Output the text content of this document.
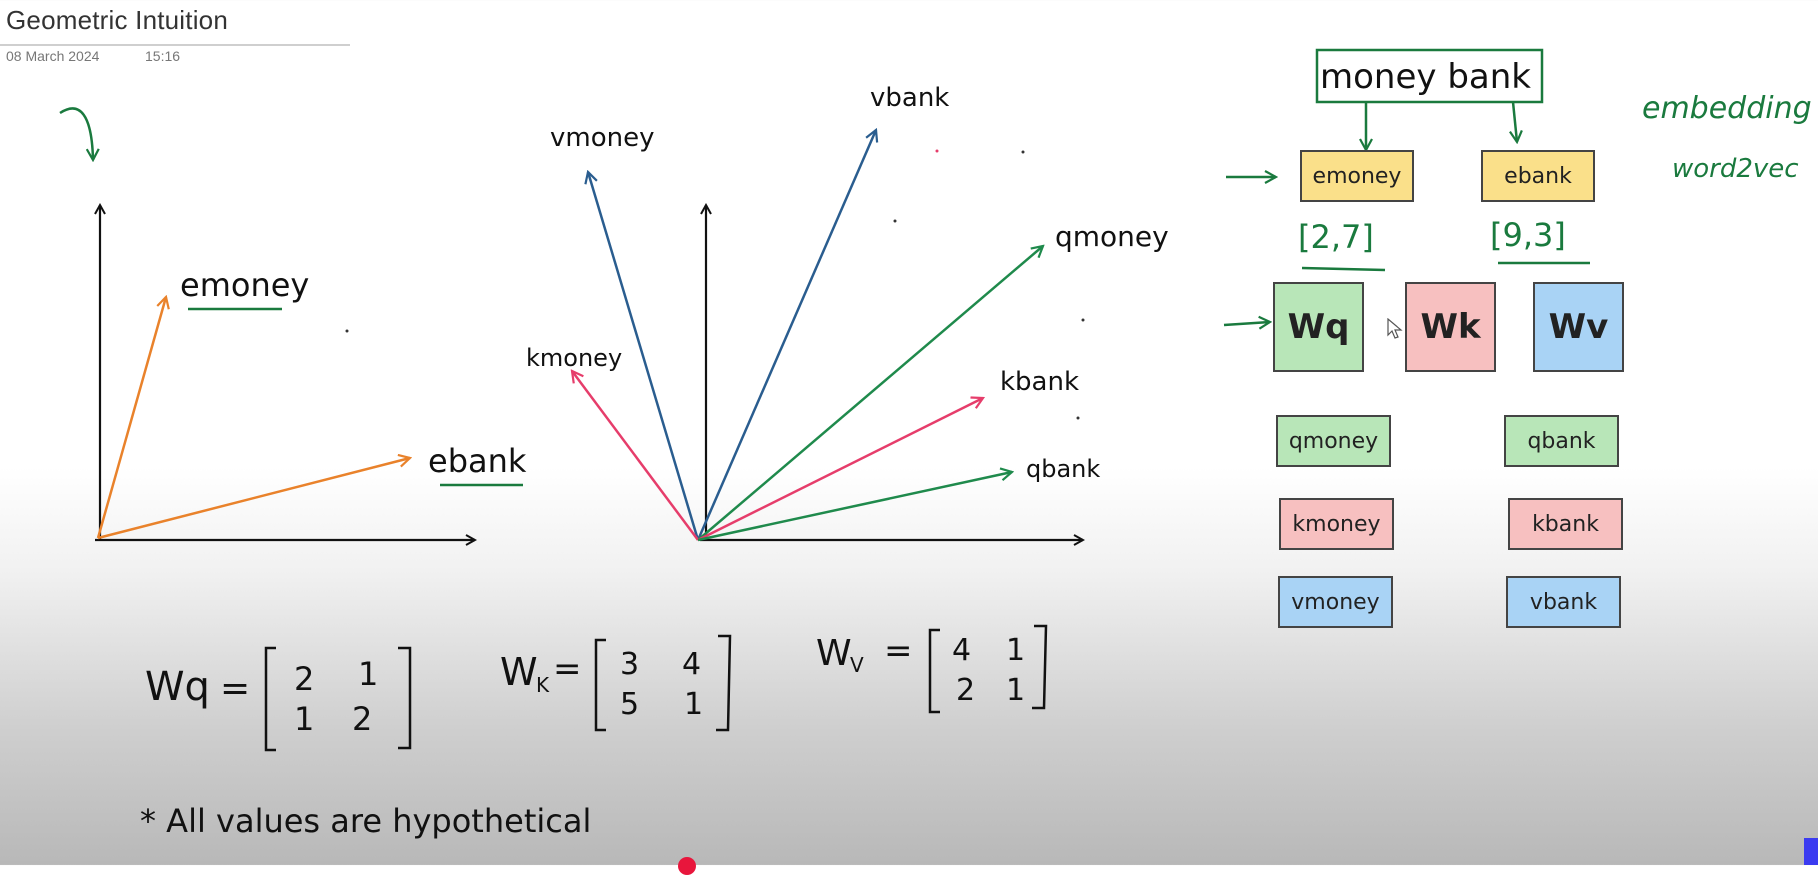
Geometric Intuition
08 March 2024	15:16
emoney
ebank
vmoney
vbank
qmoney
kmoney
kbank
qbank
money bank
embedding
word2vec
[2,7]	[9,3]
Wq = 2 1
1 2
W
K = 3 4
5 1
W
V = 4 1
2 1
* All values are hypothetical
emoney	ebank
Wq	Wk	Wv
qmoney	qbank
kmoney	kbank
vmoney	vbank
